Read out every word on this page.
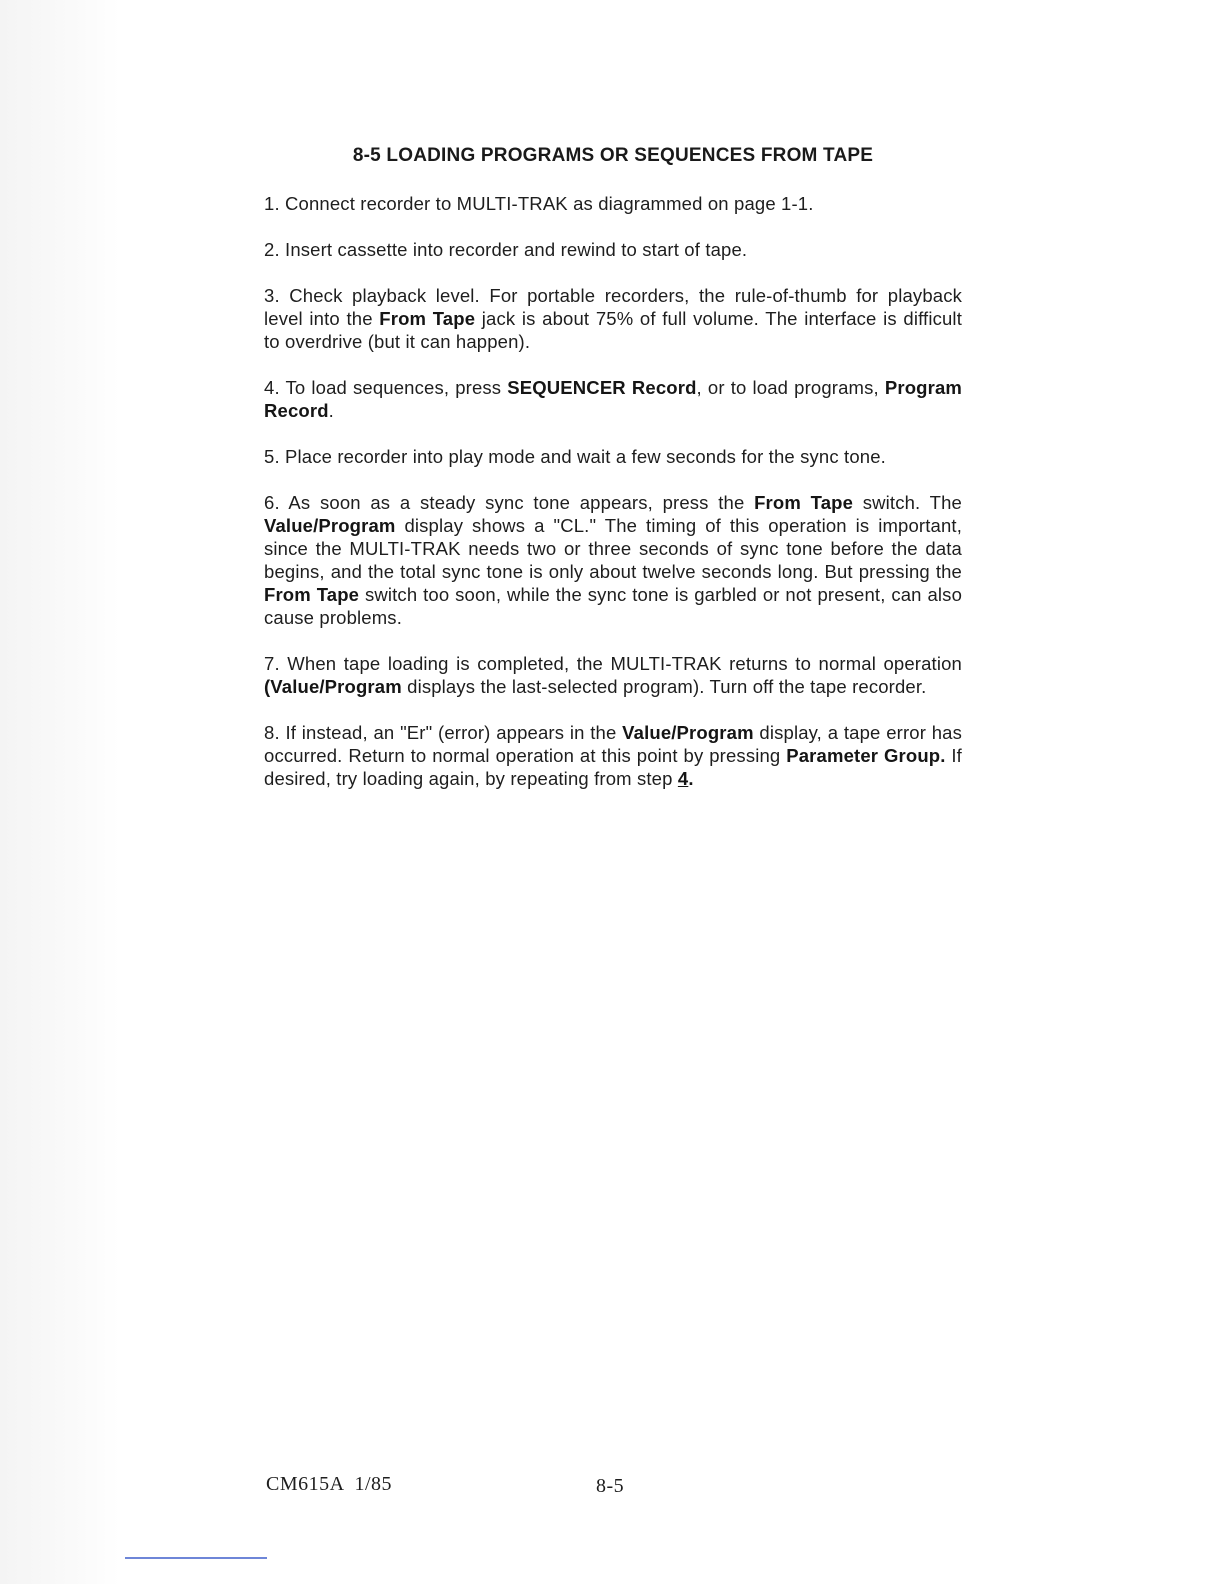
8-5 LOADING PROGRAMS OR SEQUENCES FROM TAPE

1. Connect recorder to MULTI-TRAK as diagrammed on page 1-1.

2. Insert cassette into recorder and rewind to start of tape.

3. Check playback level. For portable recorders, the rule-of-thumb for playback level into the From Tape jack is about 75% of full volume. The interface is difficult to overdrive (but it can happen).

4. To load sequences, press SEQUENCER Record, or to load programs, Program Record.

5. Place recorder into play mode and wait a few seconds for the sync tone.

6. As soon as a steady sync tone appears, press the From Tape switch. The Value/Program display shows a "CL." The timing of this operation is important, since the MULTI-TRAK needs two or three seconds of sync tone before the data begins, and the total sync tone is only about twelve seconds long. But pressing the From Tape switch too soon, while the sync tone is garbled or not present, can also cause problems.

7. When tape loading is completed, the MULTI-TRAK returns to normal operation (Value/Program displays the last-selected program). Turn off the tape recorder.

8. If instead, an "Er" (error) appears in the Value/Program display, a tape error has occurred. Return to normal operation at this point by pressing Parameter Group. If desired, try loading again, by repeating from step 4.

CM615A  1/85	8-5
